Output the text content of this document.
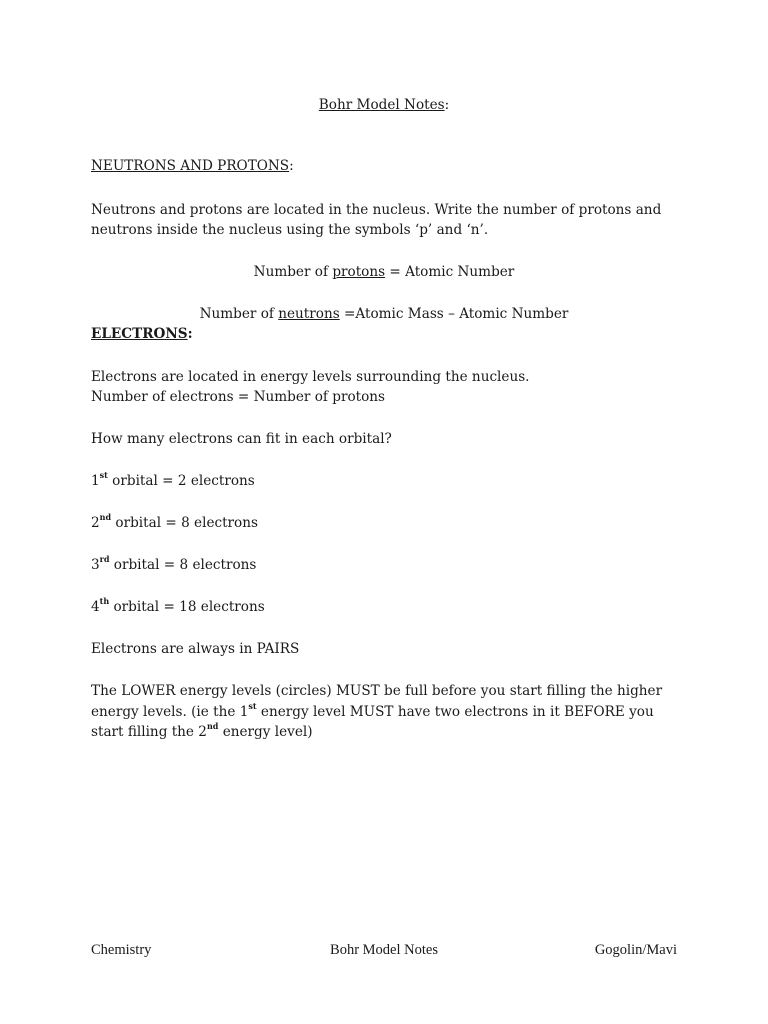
Bohr Model Notes:
NEUTRONS AND PROTONS:
Neutrons and protons are located in the nucleus. Write the number of protons and
neutrons inside the nucleus using the symbols ‘p’ and ‘n’.
Number of protons = Atomic Number
Number of neutrons =Atomic Mass – Atomic Number
ELECTRONS:
Electrons are located in energy levels surrounding the nucleus.
Number of electrons = Number of protons
How many electrons can fit in each orbital?
1st orbital = 2 electrons
2nd orbital = 8 electrons
3rd orbital = 8 electrons
4th orbital = 18 electrons
Electrons are always in PAIRS
The LOWER energy levels (circles) MUST be full before you start filling the higher
energy levels. (ie the 1st energy level MUST have two electrons in it BEFORE you
start filling the 2nd energy level)
Chemistry	Bohr Model Notes	Gogolin/Mavi
